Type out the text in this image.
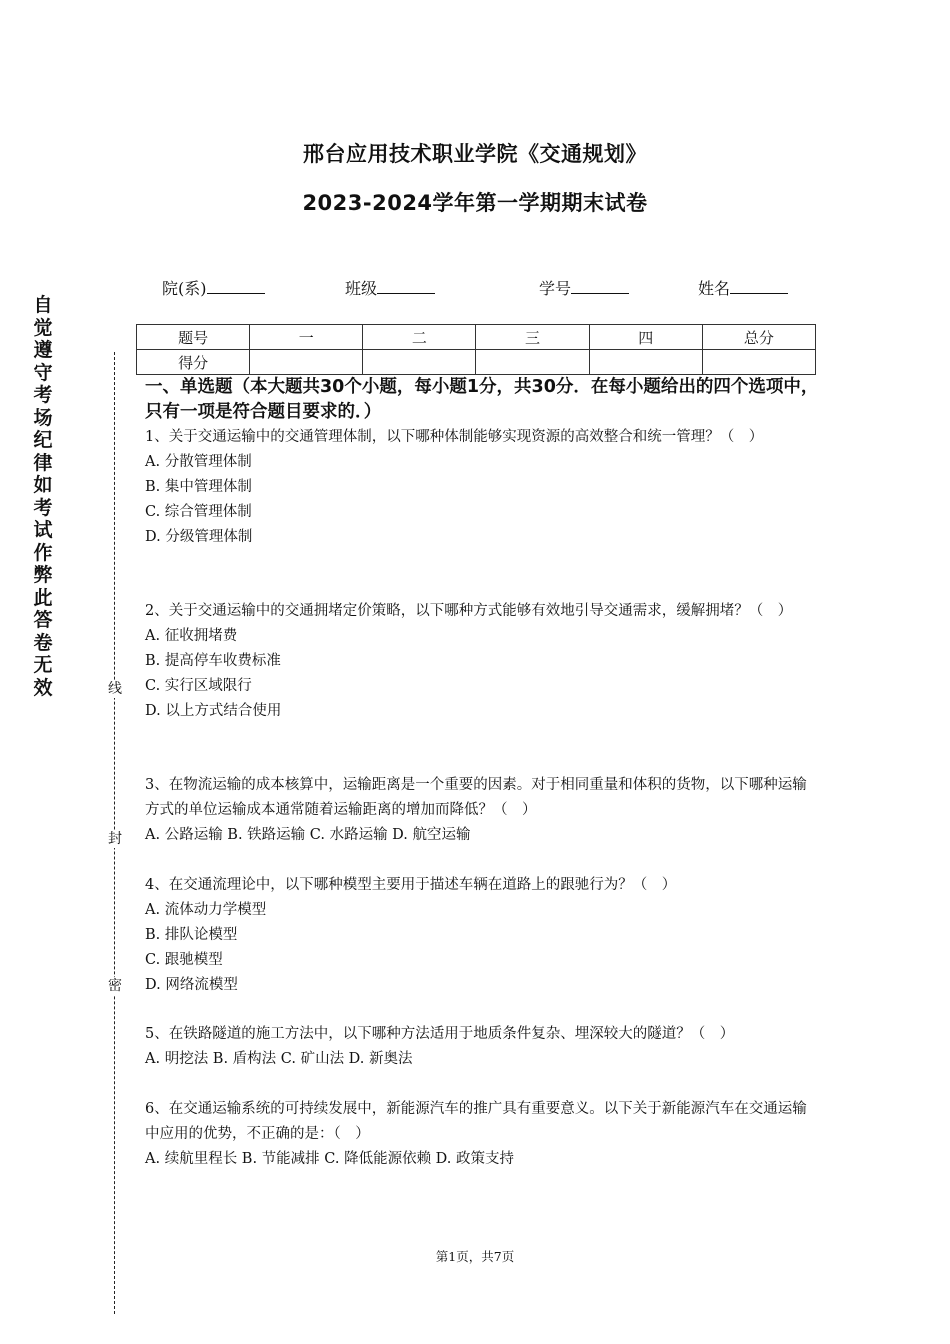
邢台应用技术职业学院《交通规划》
2023-2024学年第一学期期末试卷
院(系)	班级	学号	姓名
自
觉
遵
守
考
场
纪
律
如
考
试
作
弊
此
答
卷
无
效	线
封
密
题号	一	二	三	四	总分
得分					
一、单选题（本大题共30个小题，每小题1分，共30分．在每小题给出的四个选项中，只有一项是符合题目要求的．）
1、关于交通运输中的交通管理体制，以下哪种体制能够实现资源的高效整合和统一管理？（　）
A. 分散管理体制
B. 集中管理体制
C. 综合管理体制
D. 分级管理体制
2、关于交通运输中的交通拥堵定价策略，以下哪种方式能够有效地引导交通需求，缓解拥堵？（　）
A. 征收拥堵费
B. 提高停车收费标准
C. 实行区域限行
D. 以上方式结合使用
3、在物流运输的成本核算中，运输距离是一个重要的因素。对于相同重量和体积的货物，以下哪种运输方式的单位运输成本通常随着运输距离的增加而降低？（　）
A. 公路运输 B. 铁路运输 C. 水路运输 D. 航空运输
4、在交通流理论中，以下哪种模型主要用于描述车辆在道路上的跟驰行为？（　）
A. 流体动力学模型
B. 排队论模型
C. 跟驰模型
D. 网络流模型
5、在铁路隧道的施工方法中，以下哪种方法适用于地质条件复杂、埋深较大的隧道？（　）
A. 明挖法 B. 盾构法 C. 矿山法 D. 新奥法
6、在交通运输系统的可持续发展中，新能源汽车的推广具有重要意义。以下关于新能源汽车在交通运输中应用的优势，不正确的是：（　）
A. 续航里程长 B. 节能减排 C. 降低能源依赖 D. 政策支持
第1页，共7页
